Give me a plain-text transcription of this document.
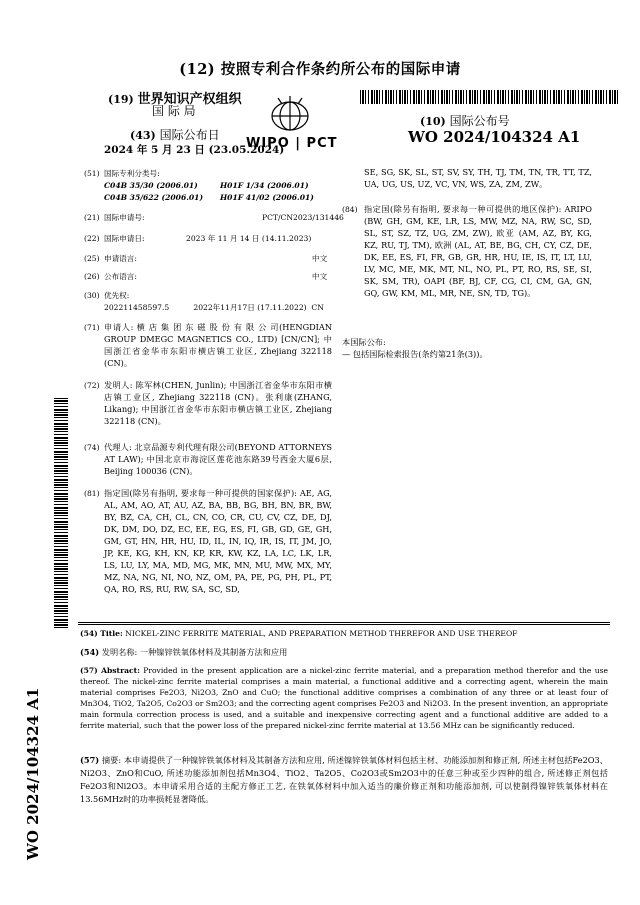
(12) 按照专利合作条约所公布的国际申请
(19) 世界知识产权组织
国 际 局
(43) 国际公布日
2024 年 5 月 23 日 (23.05.2024)
WIPO | PCT
(10) 国际公布号
WO 2024/104324 A1
WO 2024/104324 A1
(51) 国际专利分类号:
C04B 35/30 (2006.01)	H01F 1/34 (2006.01)
C04B 35/622 (2006.01) H01F 41/02 (2006.01)
(21) 国际申请号:	PCT/CN2023/131446
(22) 国际申请日:	2023 年 11 月 14 日 (14.11.2023)
(25) 申请语言:	中文
(26) 公布语言:	中文
(30) 优先权:
202211458597.5          2022年11月17日 (17.11.2022)  CN
(71) 申请人: 横 店 集 团 东 磁 股 份 有 限 公 司(HENGDIAN GROUP DMEGC MAGNETICS CO., LTD) [CN/CN]; 中国浙江省金华市东阳市横店镇工业区, Zhejiang 322118 (CN)。

(72) 发明人: 陈军林(CHEN, Junlin); 中国浙江省金华市东阳市横店镇工业区, Zhejiang 322118 (CN)。张利康(ZHANG, Likang); 中国浙江省金华市东阳市横店镇工业区, Zhejiang 322118 (CN)。

(74) 代理人: 北京品源专利代理有限公司(BEYOND ATTORNEYS AT LAW); 中国北京市海淀区莲花池东路39号西金大厦6层, Beijing 100036 (CN)。

(81) 指定国(除另有指明, 要求每一种可提供的国家保护): AE, AG, AL, AM, AO, AT, AU, AZ, BA, BB, BG, BH, BN, BR, BW, BY, BZ, CA, CH, CL, CN, CO, CR, CU, CV, CZ, DE, DJ, DK, DM, DO, DZ, EC, EE, EG, ES, FI, GB, GD, GE, GH, GM, GT, HN, HR, HU, ID, IL, IN, IQ, IR, IS, IT, JM, JO, JP, KE, KG, KH, KN, KP, KR, KW, KZ, LA, LC, LK, LR, LS, LU, LY, MA, MD, MG, MK, MN, MU, MW, MX, MY, MZ, NA, NG, NI, NO, NZ, OM, PA, PE, PG, PH, PL, PT, QA, RO, RS, RU, RW, SA, SC, SD,

SE, SG, SK, SL, ST, SV, SY, TH, TJ, TM, TN, TR, TT, TZ, UA, UG, US, UZ, VC, VN, WS, ZA, ZM, ZW。

(84) 指定国(除另有指明, 要求每一种可提供的地区保护): ARIPO (BW, GH, GM, KE, LR, LS, MW, MZ, NA, RW, SC, SD, SL, ST, SZ, TZ, UG, ZM, ZW), 欧亚 (AM, AZ, BY, KG, KZ, RU, TJ, TM), 欧洲 (AL, AT, BE, BG, CH, CY, CZ, DE, DK, EE, ES, FI, FR, GB, GR, HR, HU, IE, IS, IT, LT, LU, LV, MC, ME, MK, MT, NL, NO, PL, PT, RO, RS, SE, SI, SK, SM, TR), OAPI (BF, BJ, CF, CG, CI, CM, GA, GN, GQ, GW, KM, ML, MR, NE, SN, TD, TG)。

本国际公布:
— 包括国际检索报告(条约第21条(3))。
(54) Title: NICKEL-ZINC FERRITE MATERIAL, AND PREPARATION METHOD THEREFOR AND USE THEREOF
(54) 发明名称: 一种镍锌铁氧体材料及其制备方法和应用

(57) Abstract: Provided in the present application are a nickel-zinc ferrite material, and a preparation method therefor and the use thereof. The nickel-zinc ferrite material comprises a main material, a functional additive and a correcting agent, wherein the main material comprises Fe2O3, Ni2O3, ZnO and CuO; the functional additive comprises a combination of any three or at least four of Mn3O4, TiO2, Ta2O5, Co2O3 or Sm2O3; and the correcting agent comprises Fe2O3 and Ni2O3. In the present invention, an appropriate main formula correction process is used, and a suitable and inexpensive correcting agent and a functional additive are added to a ferrite material, such that the power loss of the prepared nickel-zinc ferrite material at 13.56 MHz can be significantly reduced.

(57) 摘要: 本申请提供了一种镍锌铁氧体材料及其制备方法和应用, 所述镍锌铁氧体材料包括主材、功能添加剂和修正剂, 所述主材包括Fe2O3、Ni2O3、ZnO和CuO, 所述功能添加剂包括Mn3O4、TiO2、Ta2O5、Co2O3或Sm2O3中的任意三种或至少四种的组合, 所述修正剂包括Fe2O3和Ni2O3。本申请采用合适的主配方修正工艺, 在铁氧体材料中加入适当的廉价修正剂和功能添加剂, 可以使制得镍锌铁氧体材料在13.56MHz时的功率损耗显著降低。
